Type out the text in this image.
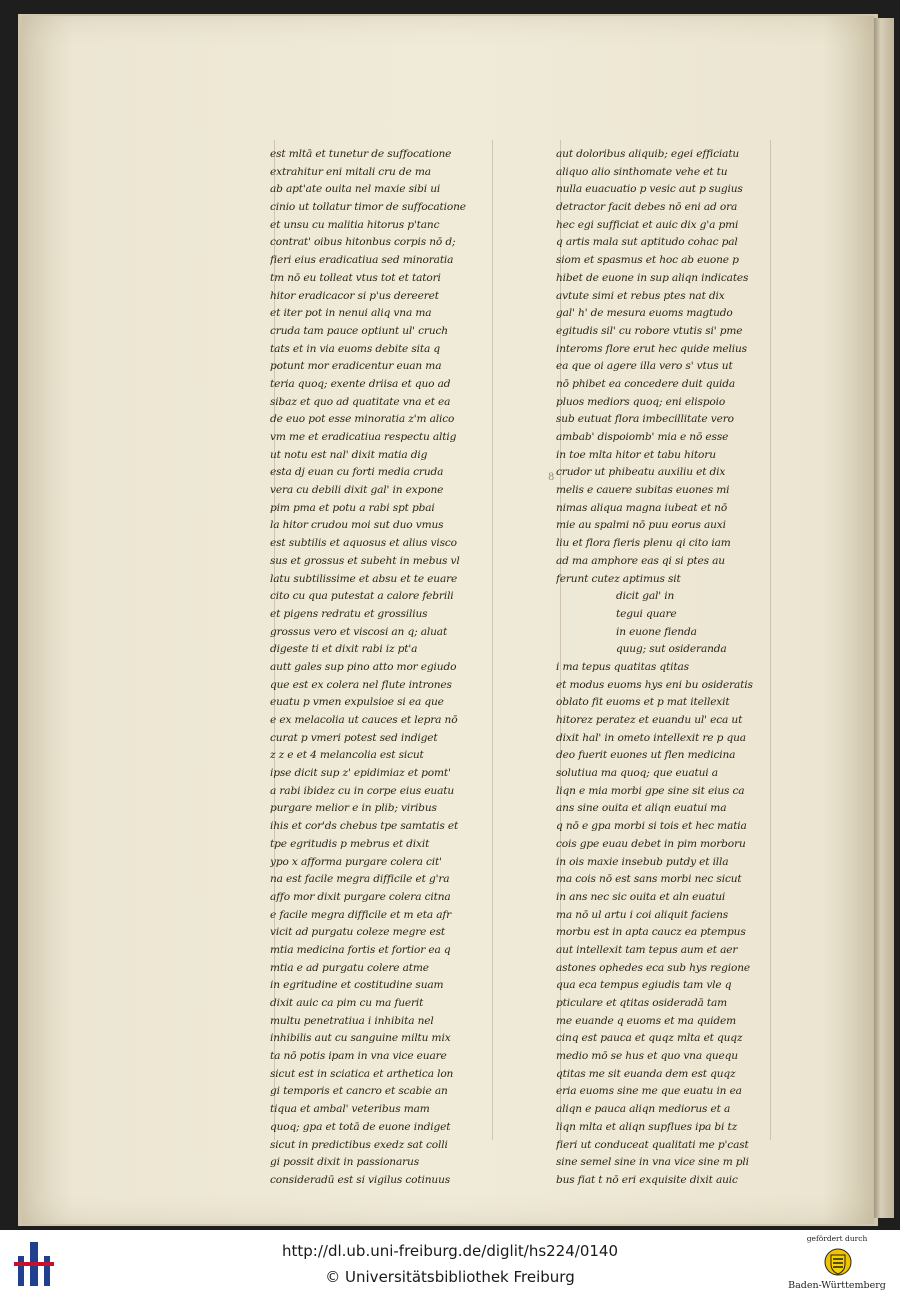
8
est mltā et tunetur de suffocatione
extrahitur eni mitali cru de ma
ab apt'ate ouita nel maxie sibi ui
cinio ut tollatur timor de suffocatione
et unsu cu malitia hitorus p'tanc
contrat' oibus hitonbus corpis nō d;
fieri eius eradicatiua sed minoratia
tm nō eu tolleat vtus tot et tatori
hitor eradicacor si p'us dereeret
et iter pot in nenui aliq vna ma
cruda tam pauce optiunt ul' cruch
tats et in via euoms debite sita q
potunt mor eradicentur euan ma
teria quoq; exente driisa et quo ad
sibaz et quo ad quatitate vna et ea
de euo pot esse minoratia z'm alico
vm me et eradicatiua respectu altig
ut notu est nal' dixit matia dig
esta dj euan cu forti media cruda
vera cu debili dixit gal' in expone
pim pma et potu a rabi spt pbai
la hitor crudou moi sut duo vmus
est subtilis et aquosus et alius visco
sus et grossus et subeht in mebus vl
latu subtilissime et absu et te euare
cito cu qua putestat a calore febrili
et pigens redratu et grossilius
grossus vero et viscosi an q; aluat
digeste ti et dixit rabi iz pt'a
autt gales sup pino atto mor egiudo
que est ex colera nel flute intrones
euatu p vmen expulsioe si ea que
e ex melacolia ut cauces et lepra nō
curat p vmeri potest sed indiget
z z e et 4 melancolia est sicut
ipse dicit sup z' epidimiaz et pomt'
a rabi ibidez cu in corpe eius euatu
purgare melior e in plib; viribus
ihis et cor'ds chebus tpe samtatis et
tpe egritudis p mebrus et dixit
ypo x afforma purgare colera cit'
na est facile megra difficile et g'ra
affo mor dixit purgare colera citna
e facile megra difficile et m eta afr
vicit ad purgatu coleze megre est
mtia medicina fortis et fortior ea q
mtia e ad purgatu colere atme
in egritudine et costitudine suam
dixit auic ca pim cu ma fuerit
multu penetratiua i inhibita nel
inhibilis aut cu sanguine miltu mix
ta nō potis ipam in vna vice euare
sicut est in sciatica et arthetica lon
gi temporis et cancro et scabie an
tiqua et ambal' veteribus mam
quoq; gpa et totā de euone indiget
sicut in predictibus exedz sat colli
gi possit dixit in passionarus
consideradū est si vigilus cotinuus
aut doloribus aliquib; egei efficiatu
aliquo alio sinthomate vehe et tu
nulla euacuatio p vesic aut p sugius
detractor facit debes nō eni ad ora
hec egi sufficiat et auic dix g'a pmi
q artis mala sut aptitudo cohac pal
siom et spasmus et hoc ab euone p
hibet de euone in sup aliqn indicates
avtute simi et rebus ptes nat dix
gal' h' de mesura euoms magtudo
egitudis sil' cu robore vtutis si' pme
interoms flore erut hec quide melius
ea que oi agere illa vero s' vtus ut
nō phibet ea concedere duit quida
pluos mediors quoq; eni elispoio
sub eutuat flora imbecillitate vero
ambab' dispoiomb' mia e nō esse
in toe mlta hitor et tabu hitoru
crudor ut phibeatu auxiliu et dix
melis e cauere subitas euones mi
nimas aliqua magna iubeat et nō
mie au spalmi nō puu eorus auxi
liu et flora fieris plenu qi cito iam
ad ma amphore eas qi si ptes au
ferunt cutez aptimus sit
dicit gal' in
tegui quare
in euone fienda
quug; sut osideranda
i ma tepus quatitas qtitas
et modus euoms hys eni bu osideratis
oblato fit euoms et p mat itellexit
hitorez peratez et euandu ul' eca ut
dixit hal' in ometo intellexit re p qua
deo fuerit euones ut flen medicina
solutiua ma quoq; que euatui a
liqn e mia morbi gpe sine sit eius ca
ans sine ouita et aliqn euatui ma
q nō e gpa morbi si tois et hec matia
cois gpe euau debet in pim morboru
in ois maxie insebub putdy et illa
ma cois nō est sans morbi nec sicut
in ans nec sic ouita et aln euatui
ma nō ul artu i coi aliquit faciens
morbu est in apta caucz ea ptempus
aut intellexit tam tepus aum et aer
astones ophedes eca sub hys regione
qua eca tempus egiudis tam vle q
pticulare et qtitas osideradā tam
me euande q euoms et ma quidem
cinq est pauca et quqz mlta et quqz
medio mō se hus et quo vna quequ
qtitas me sit euanda dem est quqz
eria euoms sine me que euatu in ea
aliqn e pauca aliqn mediorus et a
liqn mlta et aliqn supflues ipa bi tz
fieri ut conduceat qualitati me p'cast
sine semel sine in vna vice sine m pli
bus fiat t nō eri exquisite dixit auic
http://dl.ub.uni-freiburg.de/diglit/hs224/0140
© Universitätsbibliothek Freiburg
gefördert durch
Baden-Württemberg
